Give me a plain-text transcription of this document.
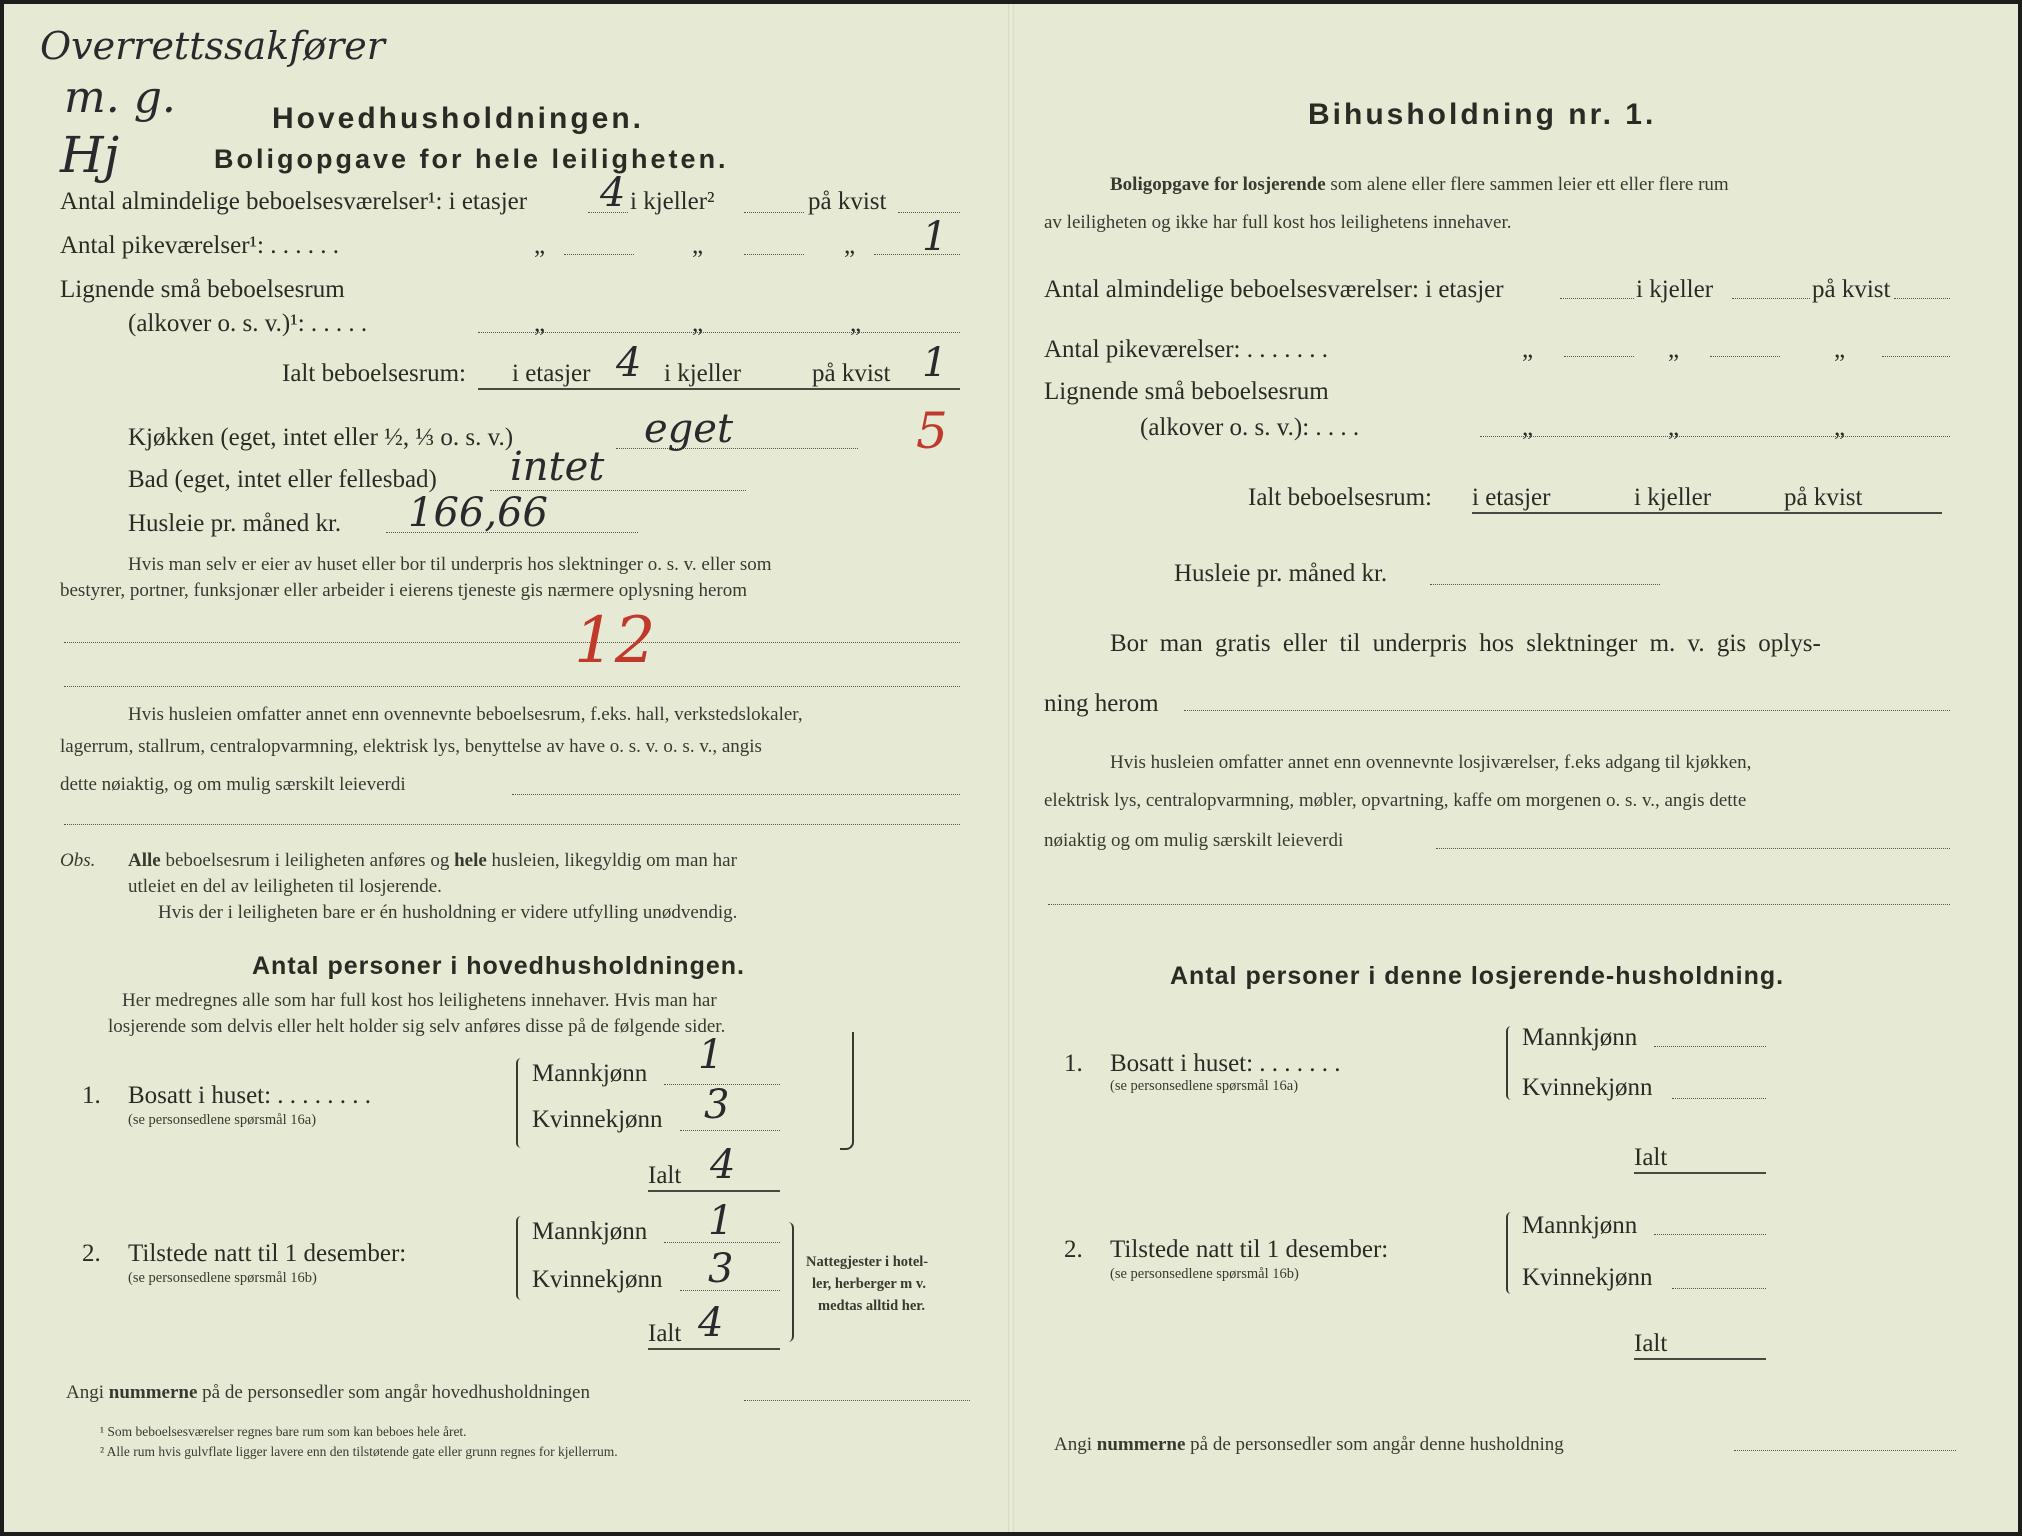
Overrettssakfører
m. g.
Hj
Hovedhusholdningen.
Boligopgave for hele leiligheten.
Antal almindelige beboelsesværelser¹: i etasjer 4 i kjeller²	på kvist
Antal pikeværelser¹: . . . . . .	„	„	„ 1
Lignende små beboelsesrum
(alkover o. s. v.)¹: . . . . .	„	„	„
Ialt beboelsesrum: i etasjer 4 i kjeller	på kvist 1
5
Kjøkken (eget, intet eller ½, ⅓ o. s. v.)	eget
Bad (eget, intet eller fellesbad) intet
Husleie pr. måned kr. 166,66
Hvis man selv er eier av huset eller bor til underpris hos slektninger o. s. v. eller som
bestyrer, portner, funksjonær eller arbeider i eierens tjeneste gis nærmere oplysning herom
12
Hvis husleien omfatter annet enn ovennevnte beboelsesrum, f.eks. hall, verkstedslokaler,
lagerrum, stallrum, centralopvarmning, elektrisk lys, benyttelse av have o. s. v. o. s. v., angis
dette nøiaktig, og om mulig særskilt leieverdi
Obs. Alle beboelsesrum i leiligheten anføres og hele husleien, likegyldig om man har
utleiet en del av leiligheten til losjerende.
Hvis der i leiligheten bare er én husholdning er videre utfylling unødvendig.
Antal personer i hovedhusholdningen.
Her medregnes alle som har full kost hos leilighetens innehaver. Hvis man har
losjerende som delvis eller helt holder sig selv anføres disse på de følgende sider.
1. Bosatt i huset: . . . . . . . .
(se personsedlene spørsmål 16a)
Mannkjønn 1
Kvinnekjønn 3
Ialt 4
2. Tilstede natt til 1 desember:
(se personsedlene spørsmål 16b)
Mannkjønn 1
Kvinnekjønn 3
Ialt 4
Nattegjester i hotel-
ler, herberger m v.
medtas alltid her.
Angi nummerne på de personsedler som angår hovedhusholdningen
¹ Som beboelsesværelser regnes bare rum som kan beboes hele året.
² Alle rum hvis gulvflate ligger lavere enn den tilstøtende gate eller grunn regnes for kjellerrum.
Bihusholdning nr. 1.
Boligopgave for losjerende som alene eller flere sammen leier ett eller flere rum
av leiligheten og ikke har full kost hos leilighetens innehaver.
Antal almindelige beboelsesværelser: i etasjer	i kjeller	på kvist
Antal pikeværelser: . . . . . . .	„	„	„
Lignende små beboelsesrum
(alkover o. s. v.): . . . .	„	„	„
Ialt beboelsesrum: i etasjer	i kjeller	på kvist
Husleie pr. måned kr.
Bor man gratis eller til underpris hos slektninger m. v. gis oplys-
ning herom
Hvis husleien omfatter annet enn ovennevnte losjiværelser, f.eks adgang til kjøkken,
elektrisk lys, centralopvarmning, møbler, opvartning, kaffe om morgenen o. s. v., angis dette
nøiaktig og om mulig særskilt leieverdi
Antal personer i denne losjerende-husholdning.
1. Bosatt i huset: . . . . . . .
(se personsedlene spørsmål 16a)
Mannkjønn
Kvinnekjønn
Ialt
2. Tilstede natt til 1 desember:
(se personsedlene spørsmål 16b)
Mannkjønn
Kvinnekjønn
Ialt
Angi nummerne på de personsedler som angår denne husholdning
